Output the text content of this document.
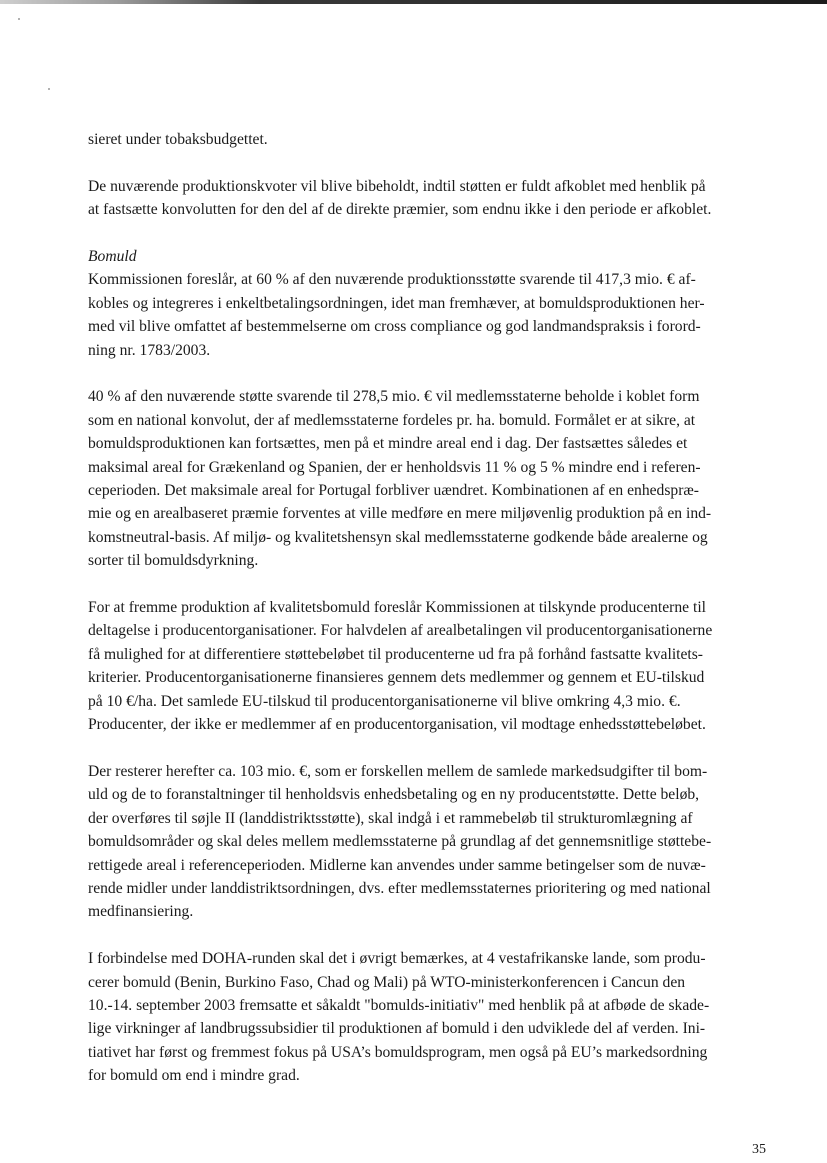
sieret under tobaksbudgettet.

De nuværende produktionskvoter vil blive bibeholdt, indtil støtten er fuldt afkoblet med henblik på

at fastsætte konvolutten for den del af de direkte præmier, som endnu ikke i den periode er afkoblet.

Bomuld

Kommissionen foreslår, at 60 % af den nuværende produktionsstøtte svarende til 417,3 mio. € af-

kobles og integreres i enkeltbetalingsordningen, idet man fremhæver, at bomuldsproduktionen her-

med vil blive omfattet af bestemmelserne om cross compliance og god landmandspraksis i forord-

ning nr. 1783/2003.

40 % af den nuværende støtte svarende til 278,5 mio. € vil medlemsstaterne beholde i koblet form

som en national konvolut, der af medlemsstaterne fordeles pr. ha. bomuld. Formålet er at sikre, at

bomuldsproduktionen kan fortsættes, men på et mindre areal end i dag. Der fastsættes således et

maksimal areal for Grækenland og Spanien, der er henholdsvis 11 % og 5 % mindre end i referen-

ceperioden. Det maksimale areal for Portugal forbliver uændret. Kombinationen af en enhedspræ-

mie og en arealbaseret præmie forventes at ville medføre en mere miljøvenlig produktion på en ind-

komstneutral-basis. Af miljø- og kvalitetshensyn skal medlemsstaterne godkende både arealerne og

sorter til bomuldsdyrkning.

For at fremme produktion af kvalitetsbomuld foreslår Kommissionen at tilskynde producenterne til

deltagelse i producentorganisationer. For halvdelen af arealbetalingen vil producentorganisationerne

få mulighed for at differentiere støttebeløbet til producenterne ud fra på forhånd fastsatte kvalitets-

kriterier. Producentorganisationerne finansieres gennem dets medlemmer og gennem et EU-tilskud

på 10 €/ha. Det samlede EU-tilskud til producentorganisationerne vil blive omkring 4,3 mio. €.

Producenter, der ikke er medlemmer af en producentorganisation, vil modtage enhedsstøttebeløbet.

Der resterer herefter ca. 103 mio. €, som er forskellen mellem de samlede markedsudgifter til bom-

uld og de to foranstaltninger til henholdsvis enhedsbetaling og en ny producentstøtte. Dette beløb,

der overføres til søjle II (landdistriktsstøtte), skal indgå i et rammebeløb til strukturomlægning af

bomuldsområder og skal deles mellem medlemsstaterne på grundlag af det gennemsnitlige støttebe-

rettigede areal i referenceperioden. Midlerne kan anvendes under samme betingelser som de nuvæ-

rende midler under landdistriktsordningen, dvs. efter medlemsstaternes prioritering og med national

medfinansiering.

I forbindelse med DOHA-runden skal det i øvrigt bemærkes, at 4 vestafrikanske lande, som produ-

cerer bomuld (Benin, Burkino Faso, Chad og Mali) på WTO-ministerkonferencen i Cancun den

10.-14. september 2003 fremsatte et såkaldt "bomulds-initiativ" med henblik på at afbøde de skade-

lige virkninger af landbrugssubsidier til produktionen af bomuld i den udviklede del af verden. Ini-

tiativet har først og fremmest fokus på USA’s bomuldsprogram, men også på EU’s markedsordning

for bomuld om end i mindre grad.

35
